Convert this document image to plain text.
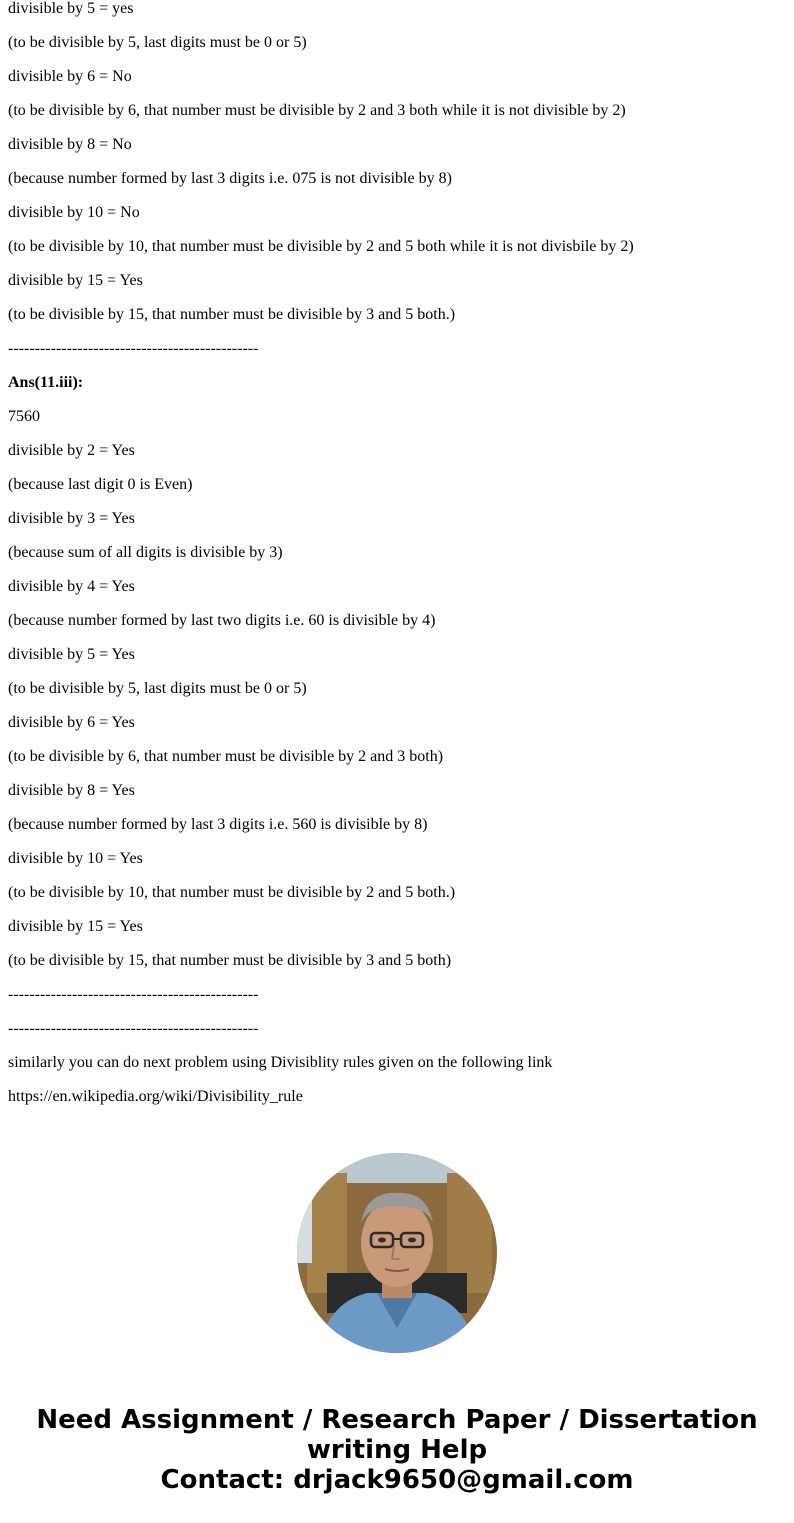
divisible by 5 = yes
(to be divisible by 5, last digits must be 0 or 5)
divisible by 6 = No
(to be divisible by 6, that number must be divisible by 2 and 3 both while it is not divisible by 2)
divisible by 8 = No
(because number formed by last 3 digits i.e. 075 is not divisible by 8)
divisible by 10 = No
(to be divisible by 10, that number must be divisible by 2 and 5 both while it is not divisbile by 2)
divisible by 15 = Yes
(to be divisible by 15, that number must be divisible by 3 and 5 both.)
-----------------------------------------------
Ans(11.iii):
7560
divisible by 2 = Yes
(because last digit 0 is Even)
divisible by 3 = Yes
(because sum of all digits is divisible by 3)
divisible by 4 = Yes
(because number formed by last two digits i.e. 60 is divisible by 4)
divisible by 5 = Yes
(to be divisible by 5, last digits must be 0 or 5)
divisible by 6 = Yes
(to be divisible by 6, that number must be divisible by 2 and 3 both)
divisible by 8 = Yes
(because number formed by last 3 digits i.e. 560 is divisible by 8)
divisible by 10 = Yes
(to be divisible by 10, that number must be divisible by 2 and 5 both.)
divisible by 15 = Yes
(to be divisible by 15, that number must be divisible by 3 and 5 both)
-----------------------------------------------
-----------------------------------------------
similarly you can do next problem using Divisiblity rules given on the following link
https://en.wikipedia.org/wiki/Divisibility_rule
Need Assignment / Research Paper / Dissertation
writing Help
Contact: drjack9650@gmail.com
